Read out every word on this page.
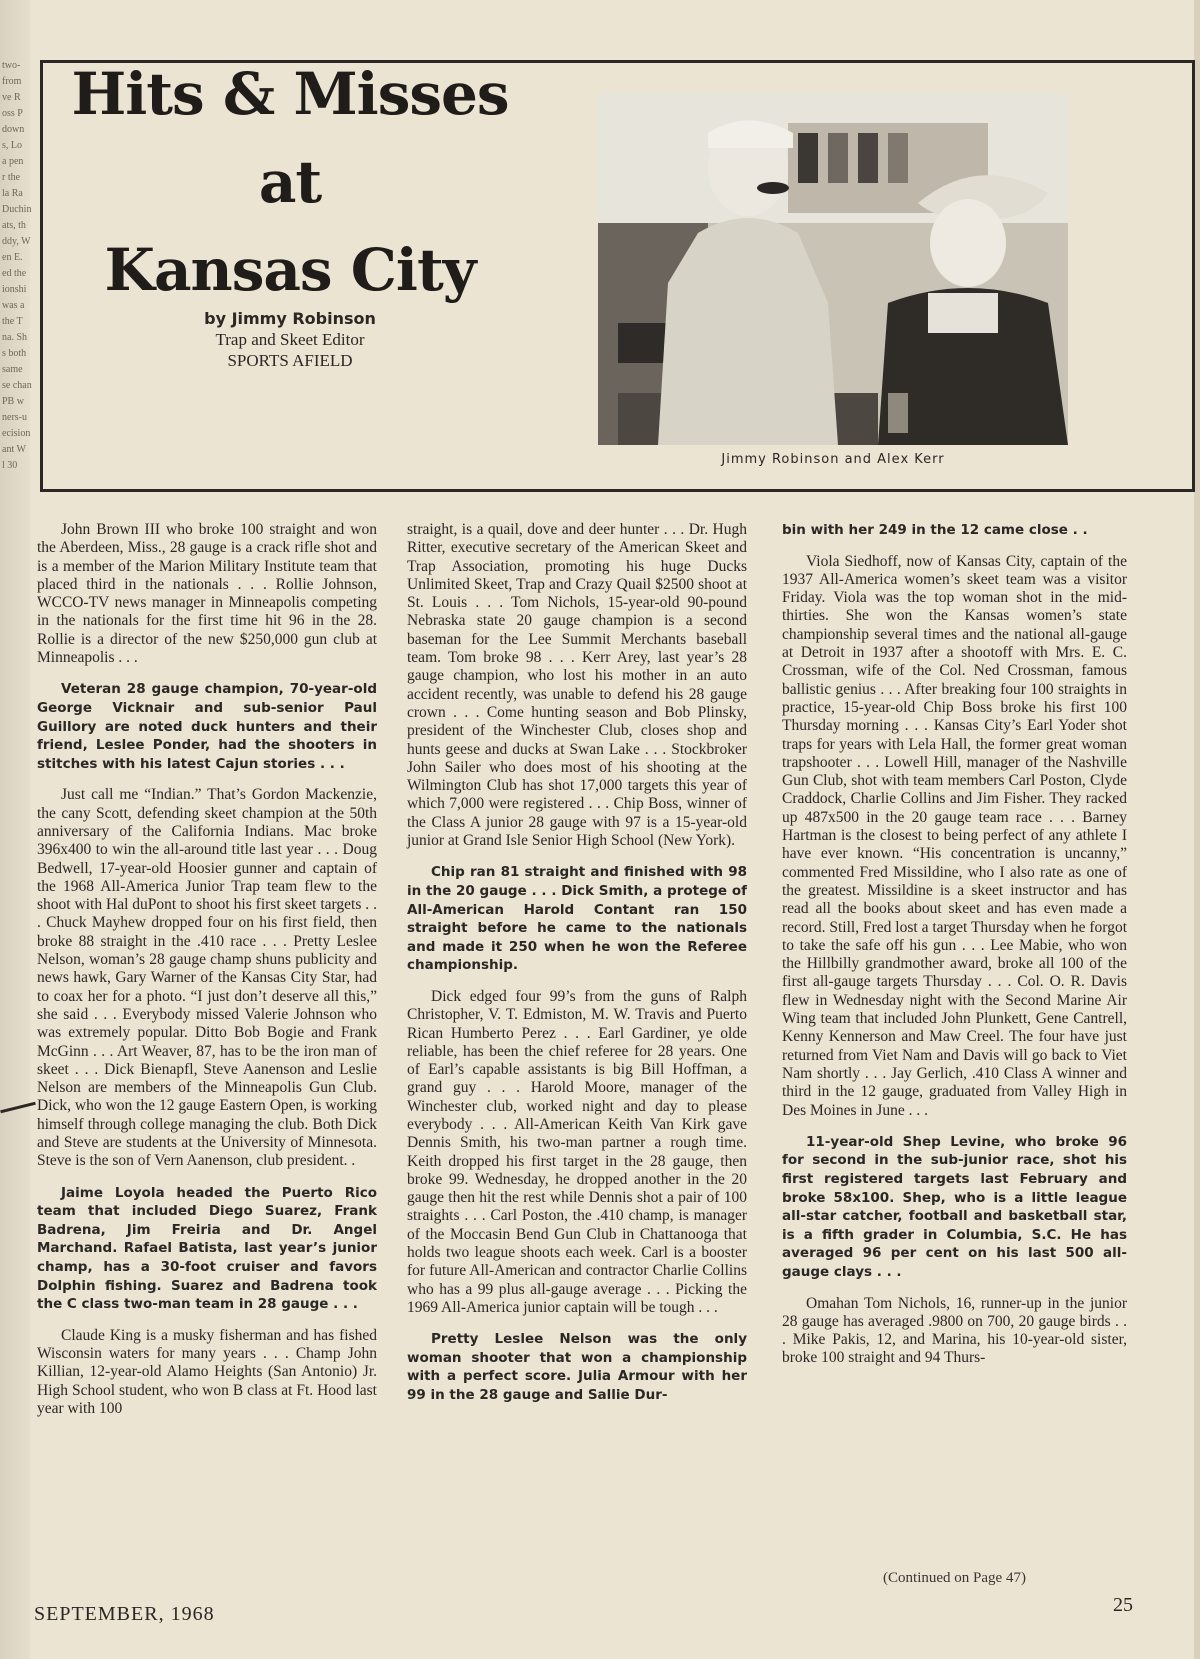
two-
from
ve R
oss P
down
s, Lo
a pen
r the
la Ra
Duchin
ats, th
ddy, W
en E.
ed the
ionshi
was a
the T
na. Sh
s both
same
se chan
PB w
ners-u
ecision
ant W
l 30
Hits & Misses
at
Kansas City
by Jimmy Robinson
Trap and Skeet Editor
SPORTS AFIELD
Jimmy Robinson and Alex Kerr

John Brown III who broke 100 straight and won the Aberdeen, Miss., 28 gauge is a crack rifle shot and is a member of the Marion Military Institute team that placed third in the nationals . . . Rollie Johnson, WCCO-TV news manager in Minneapolis competing in the nationals for the first time hit 96 in the 28. Rollie is a director of the new $250,000 gun club at Minneapolis . . .

Veteran 28 gauge champion, 70-year-old George Vicknair and sub-senior Paul Guillory are noted duck hunters and their friend, Leslee Ponder, had the shooters in stitches with his latest Cajun stories . . .

Just call me “Indian.” That’s Gordon Mackenzie, the cany Scott, defending skeet champion at the 50th anniversary of the California Indians. Mac broke 396x400 to win the all-around title last year . . . Doug Bedwell, 17-year-old Hoosier gunner and captain of the 1968 All-America Junior Trap team flew to the shoot with Hal duPont to shoot his first skeet targets . . . Chuck Mayhew dropped four on his first field, then broke 88 straight in the .410 race . . . Pretty Leslee Nelson, woman’s 28 gauge champ shuns publicity and news hawk, Gary Warner of the Kansas City Star, had to coax her for a photo. “I just don’t deserve all this,” she said . . . Everybody missed Valerie Johnson who was extremely popular. Ditto Bob Bogie and Frank McGinn . . . Art Weaver, 87, has to be the iron man of skeet . . . Dick Bienapfl, Steve Aanenson and Leslie Nelson are members of the Minneapolis Gun Club. Dick, who won the 12 gauge Eastern Open, is working himself through college managing the club. Both Dick and Steve are students at the University of Minnesota. Steve is the son of Vern Aanenson, club president. .

Jaime Loyola headed the Puerto Rico team that included Diego Suarez, Frank Badrena, Jim Freiria and Dr. Angel Marchand. Rafael Batista, last year’s junior champ, has a 30-foot cruiser and favors Dolphin fishing. Suarez and Badrena took the C class two-man team in 28 gauge . . .

Claude King is a musky fisherman and has fished Wisconsin waters for many years . . . Champ John Killian, 12-year-old Alamo Heights (San Antonio) Jr. High School student, who won B class at Ft. Hood last year with 100

straight, is a quail, dove and deer hunter . . . Dr. Hugh Ritter, executive secretary of the American Skeet and Trap Association, promoting his huge Ducks Unlimited Skeet, Trap and Crazy Quail $2500 shoot at St. Louis . . . Tom Nichols, 15-year-old 90-pound Nebraska state 20 gauge champion is a second baseman for the Lee Summit Merchants baseball team. Tom broke 98 . . . Kerr Arey, last year’s 28 gauge champion, who lost his mother in an auto accident recently, was unable to defend his 28 gauge crown . . . Come hunting season and Bob Plinsky, president of the Winchester Club, closes shop and hunts geese and ducks at Swan Lake . . . Stockbroker John Sailer who does most of his shooting at the Wilmington Club has shot 17,000 targets this year of which 7,000 were registered . . . Chip Boss, winner of the Class A junior 28 gauge with 97 is a 15-year-old junior at Grand Isle Senior High School (New York).

Chip ran 81 straight and finished with 98 in the 20 gauge . . . Dick Smith, a protege of All-American Harold Contant ran 150 straight before he came to the nationals and made it 250 when he won the Referee championship.

Dick edged four 99’s from the guns of Ralph Christopher, V. T. Edmiston, M. W. Travis and Puerto Rican Humberto Perez . . . Earl Gardiner, ye olde reliable, has been the chief referee for 28 years. One of Earl’s capable assistants is big Bill Hoffman, a grand guy . . . Harold Moore, manager of the Winchester club, worked night and day to please everybody . . . All-American Keith Van Kirk gave Dennis Smith, his two-man partner a rough time. Keith dropped his first target in the 28 gauge, then broke 99. Wednesday, he dropped another in the 20 gauge then hit the rest while Dennis shot a pair of 100 straights . . . Carl Poston, the .410 champ, is manager of the Moccasin Bend Gun Club in Chattanooga that holds two league shoots each week. Carl is a booster for future All-American and contractor Charlie Collins who has a 99 plus all-gauge average . . . Picking the 1969 All-America junior captain will be tough . . .

Pretty Leslee Nelson was the only woman shooter that won a championship with a perfect score. Julia Armour with her 99 in the 28 gauge and Sallie Dur-

bin with her 249 in the 12 came close . .

Viola Siedhoff, now of Kansas City, captain of the 1937 All-America women’s skeet team was a visitor Friday. Viola was the top woman shot in the mid-thirties. She won the Kansas women’s state championship several times and the national all-gauge at Detroit in 1937 after a shootoff with Mrs. E. C. Crossman, wife of the Col. Ned Crossman, famous ballistic genius . . . After breaking four 100 straights in practice, 15-year-old Chip Boss broke his first 100 Thursday morning . . . Kansas City’s Earl Yoder shot traps for years with Lela Hall, the former great woman trapshooter . . . Lowell Hill, manager of the Nashville Gun Club, shot with team members Carl Poston, Clyde Craddock, Charlie Collins and Jim Fisher. They racked up 487x500 in the 20 gauge team race . . . Barney Hartman is the closest to being perfect of any athlete I have ever known. “His concentration is uncanny,” commented Fred Missildine, who I also rate as one of the greatest. Missildine is a skeet instructor and has read all the books about skeet and has even made a record. Still, Fred lost a target Thursday when he forgot to take the safe off his gun . . . Lee Mabie, who won the Hillbilly grandmother award, broke all 100 of the first all-gauge targets Thursday . . . Col. O. R. Davis flew in Wednesday night with the Second Marine Air Wing team that included John Plunkett, Gene Cantrell, Kenny Kennerson and Maw Creel. The four have just returned from Viet Nam and Davis will go back to Viet Nam shortly . . . Jay Gerlich, .410 Class A winner and third in the 12 gauge, graduated from Valley High in Des Moines in June . . .

11-year-old Shep Levine, who broke 96 for second in the sub-junior race, shot his first registered targets last February and broke 58x100. Shep, who is a little league all-star catcher, football and basketball star, is a fifth grader in Columbia, S.C. He has averaged 96 per cent on his last 500 all-gauge clays . . .

Omahan Tom Nichols, 16, runner-up in the junior 28 gauge has averaged .9800 on 700, 20 gauge birds . . . Mike Pakis, 12, and Marina, his 10-year-old sister, broke 100 straight and 94 Thurs-

(Continued on Page 47)
SEPTEMBER, 1968	25
